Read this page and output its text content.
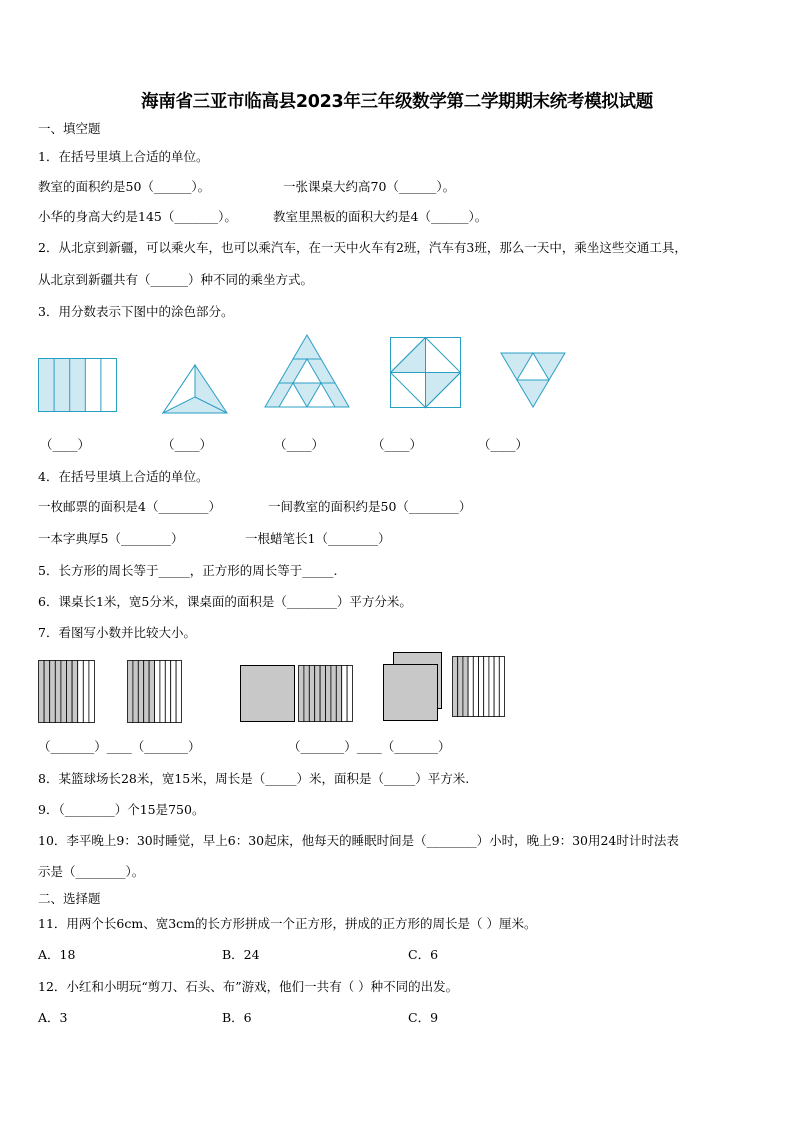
海南省三亚市临高县2023年三年级数学第二学期期末统考模拟试题
一、填空题
1．在括号里填上合适的单位。
教室的面积约是50（______）。	一张课桌大约高70（______）。
小华的身高大约是145（_______）。	教室里黑板的面积大约是4（______）。
2．从北京到新疆，可以乘火车，也可以乘汽车，在一天中火车有2班，汽车有3班，那么一天中，乘坐这些交通工具，
从北京到新疆共有（______）种不同的乘坐方式。
3．用分数表示下图中的涂色部分。
（____）	（____）	（____）	（____）	（____）
4．在括号里填上合适的单位。
一枚邮票的面积是4（________）	一间教室的面积约是50（________）
一本字典厚5（________）	一根蜡笔长1（________）
5．长方形的周长等于_____，正方形的周长等于_____.
6．课桌长1米，宽5分米，课桌面的面积是（________）平方分米。
7．看图写小数并比较大小。
（_______）____（_______）	（_______）____（_______）
8．某篮球场长28米，宽15米，周长是（_____）米，面积是（_____）平方米.
9．（________）个15是750。
10．李平晚上9：30时睡觉，早上6：30起床，他每天的睡眠时间是（________）小时，晚上9：30用24时计时法表
示是（________）。
二、选择题
11．用两个长6cm、宽3cm的长方形拼成一个正方形，拼成的正方形的周长是（ ）厘米。
A．18	B．24	C．6
12．小红和小明玩“剪刀、石头、布”游戏，他们一共有（ ）种不同的出发。
A．3	B．6	C．9
